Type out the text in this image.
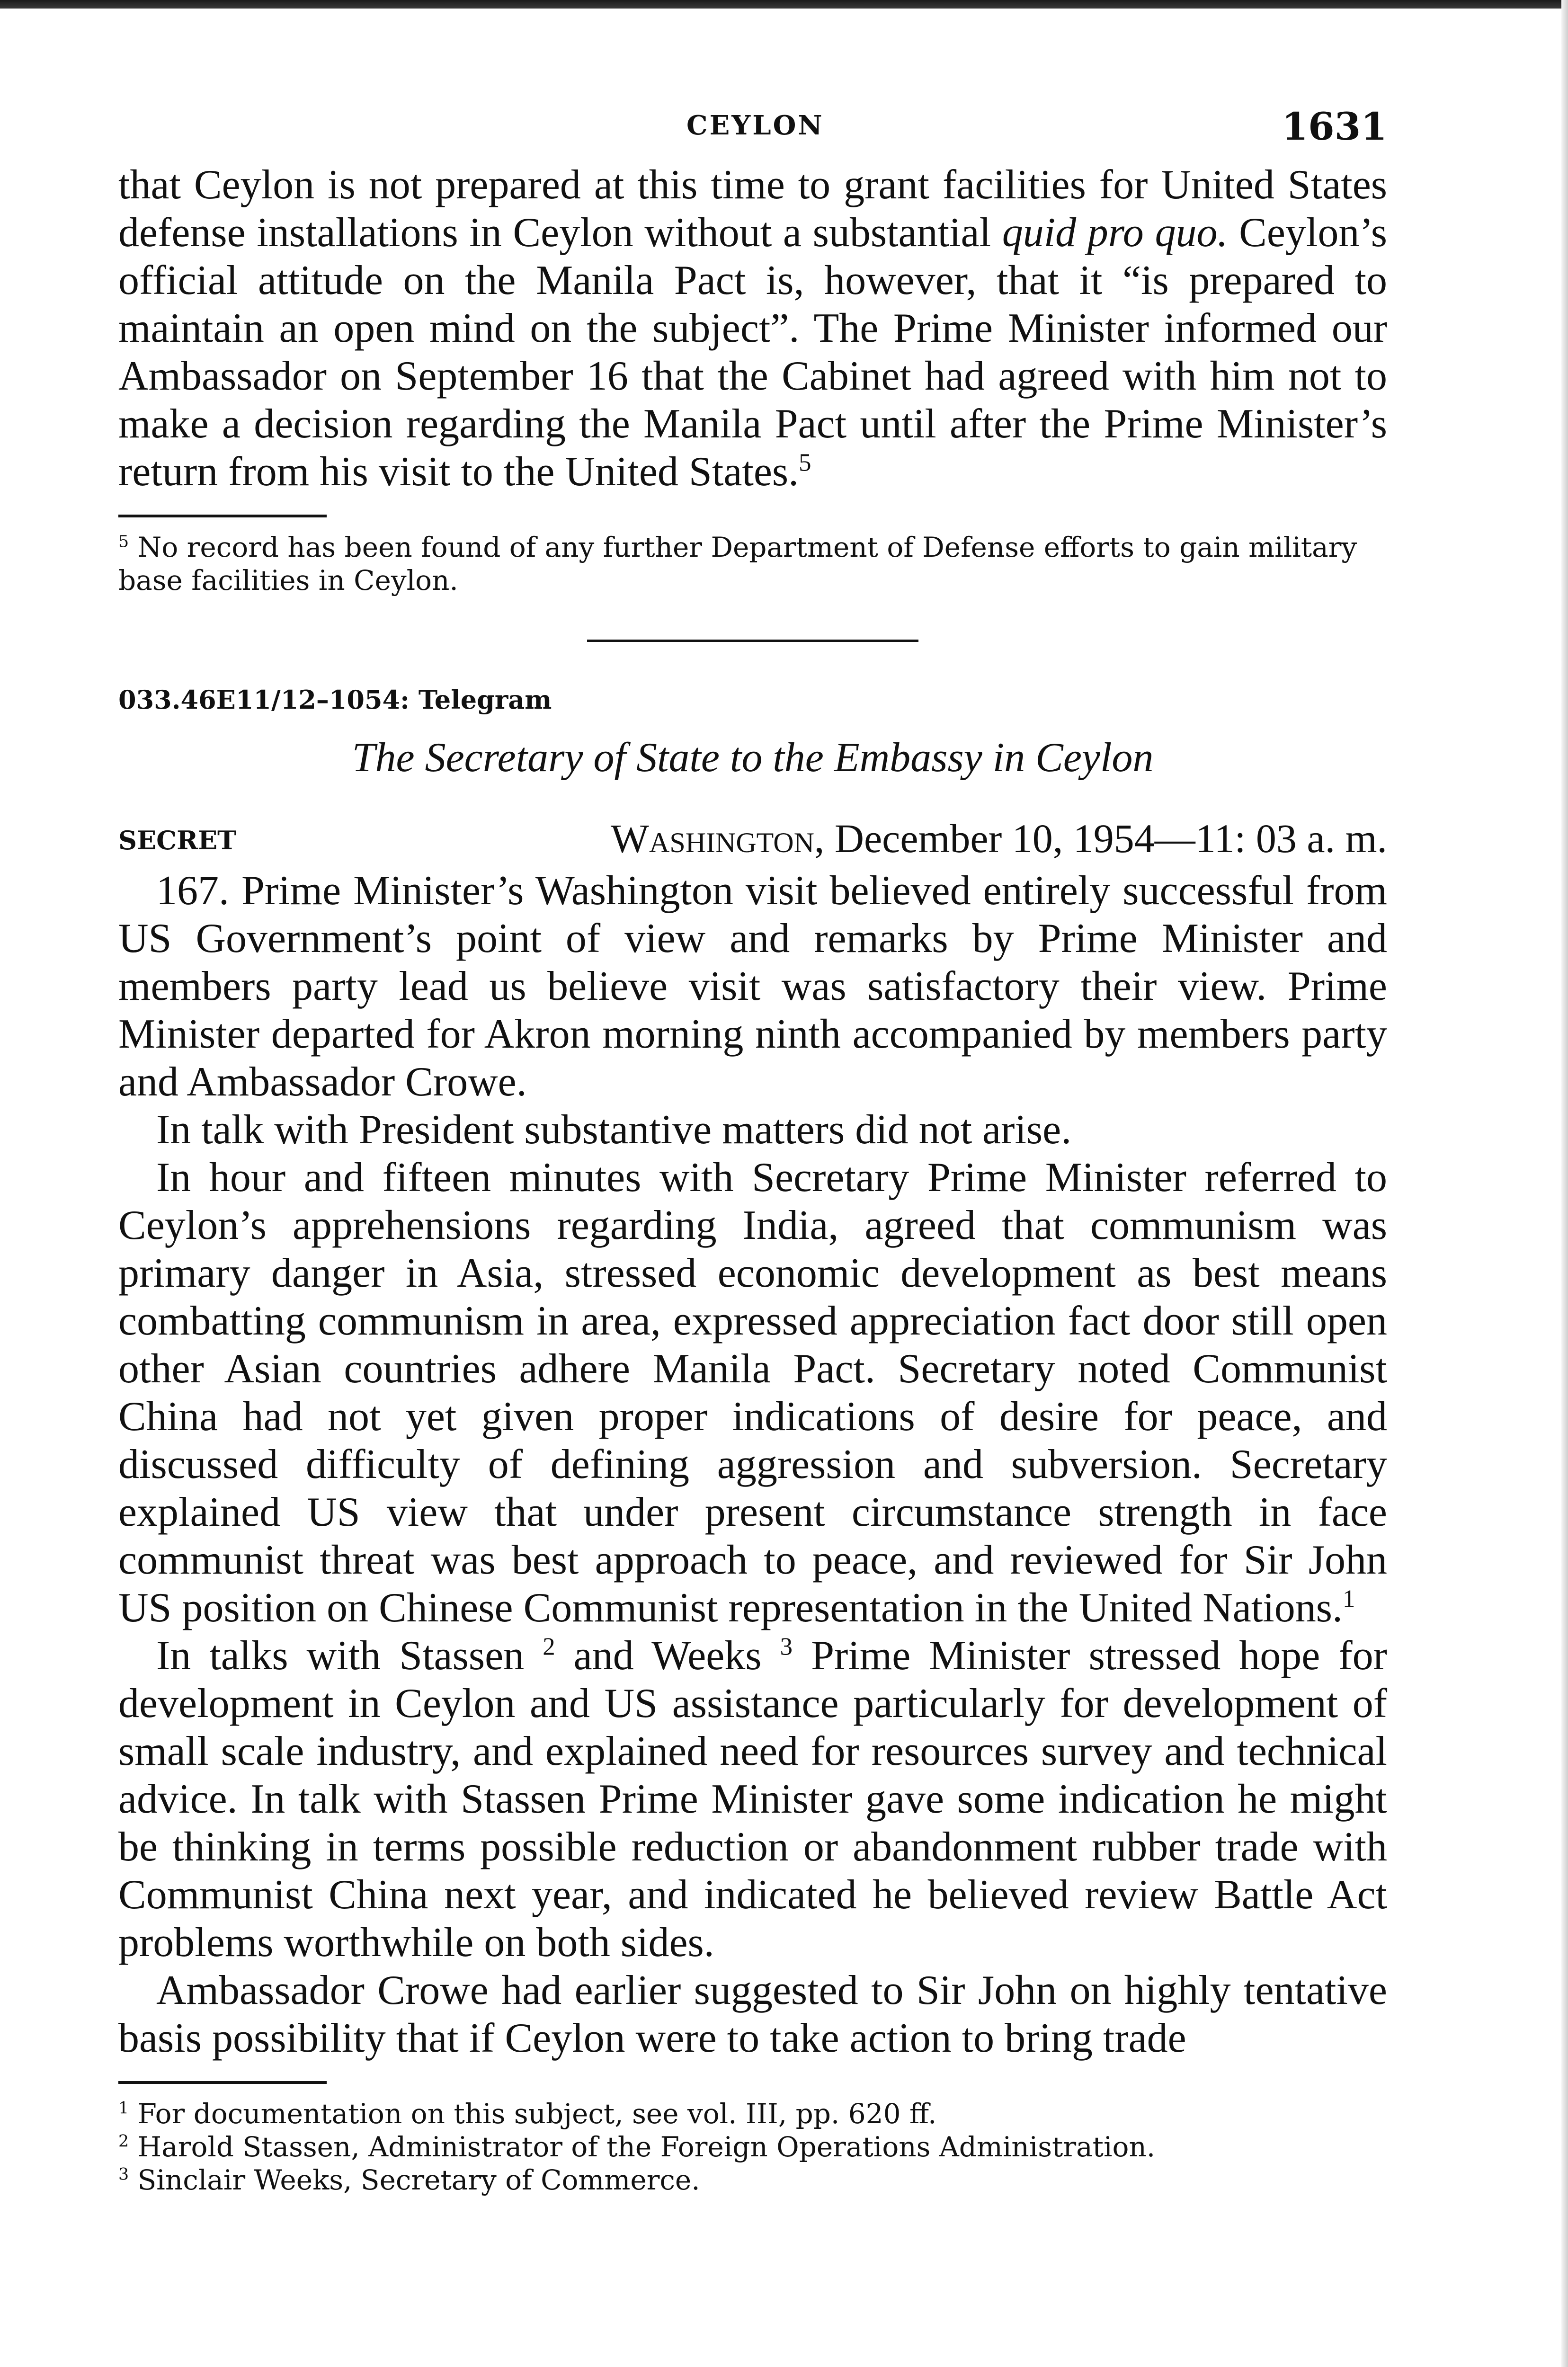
CEYLON	1631

that Ceylon is not prepared at this time to grant facilities for United States defense installations in Ceylon without a substantial quid pro quo. Ceylon’s official attitude on the Manila Pact is, however, that it “is prepared to maintain an open mind on the subject”. The Prime Minister informed our Ambassador on September 16 that the Cabinet had agreed with him not to make a decision regarding the Manila Pact until after the Prime Minister’s return from his visit to the United States.$^5$

$^5$ No record has been found of any further Department of Defense efforts to gain military base facilities in Ceylon.

033.46E11/12–1054: Telegram

The Secretary of State to the Embassy in Ceylon

SECRET	Washington, December 10, 1954—11: 03 a. m.

167. Prime Minister’s Washington visit believed entirely successful from US Government’s point of view and remarks by Prime Minister and members party lead us believe visit was satisfactory their view. Prime Minister departed for Akron morning ninth accompanied by members party and Ambassador Crowe.

In talk with President substantive matters did not arise.

In hour and fifteen minutes with Secretary Prime Minister referred to Ceylon’s apprehensions regarding India, agreed that communism was primary danger in Asia, stressed economic development as best means combatting communism in area, expressed appreciation fact door still open other Asian countries adhere Manila Pact. Secretary noted Communist China had not yet given proper indications of desire for peace, and discussed difficulty of defining aggression and subversion. Secretary explained US view that under present circumstance strength in face communist threat was best approach to peace, and reviewed for Sir John US position on Chinese Communist representation in the United Nations.$^1$

In talks with Stassen $^2$ and Weeks $^3$ Prime Minister stressed hope for development in Ceylon and US assistance particularly for development of small scale industry, and explained need for resources survey and technical advice. In talk with Stassen Prime Minister gave some indication he might be thinking in terms possible reduction or abandonment rubber trade with Communist China next year, and indicated he believed review Battle Act problems worthwhile on both sides.

Ambassador Crowe had earlier suggested to Sir John on highly tentative basis possibility that if Ceylon were to take action to bring trade

$^1$ For documentation on this subject, see vol. III, pp. 620 ff.

$^2$ Harold Stassen, Administrator of the Foreign Operations Administration.

$^3$ Sinclair Weeks, Secretary of Commerce.
